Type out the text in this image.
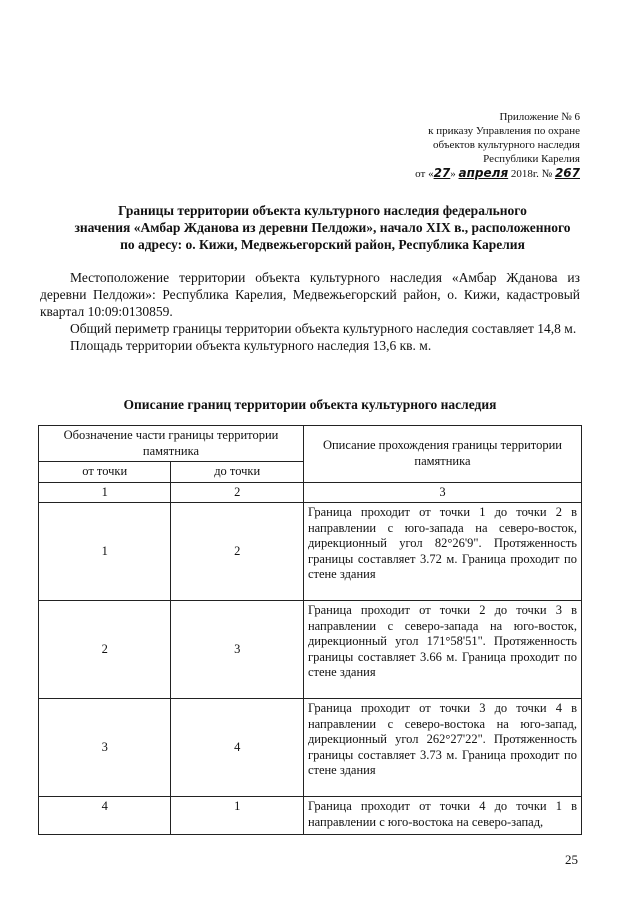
Приложение № 6
к приказу Управления по охране
объектов культурного наследия
Республики Карелия
от «27» апреля 2018г. № 267
Границы территории объекта культурного наследия федерального
значения «Амбар Жданова из деревни Пелдожи», начало XIX в., расположенного
по адресу: о. Кижи, Медвежьегорский район, Республика Карелия

Местоположение территории объекта культурного наследия «Амбар Жданова из деревни Пелдожи»: Республика Карелия, Медвежьегорский район, о. Кижи, кадастровый квартал 10:09:0130859.

Общий периметр границы территории объекта культурного наследия составляет 14,8 м.

Площадь территории объекта культурного наследия 13,6 кв. м.

Описание границ территории объекта культурного наследия
Обозначение части границы территории памятника		Описание прохождения границы территории памятника
от точки	до точки	
1	2	3
1	2	Граница проходит от точки 1 до точки 2 в направлении с юго-запада на северо-восток, дирекционный угол 82°26'9". Протяженность границы составляет 3.72 м. Граница проходит по стене здания
2	3	Граница проходит от точки 2 до точки 3 в направлении с северо-запада на юго-восток, дирекционный угол 171°58'51". Протяженность границы составляет 3.66 м. Граница проходит по стене здания
3	4	Граница проходит от точки 3 до точки 4 в направлении с северо-востока на юго-запад, дирекционный угол 262°27'22". Протяженность границы составляет 3.73 м. Граница проходит по стене здания
4	1	Граница проходит от точки 4 до точки 1 в направлении с юго-востока на северо-запад,
25
